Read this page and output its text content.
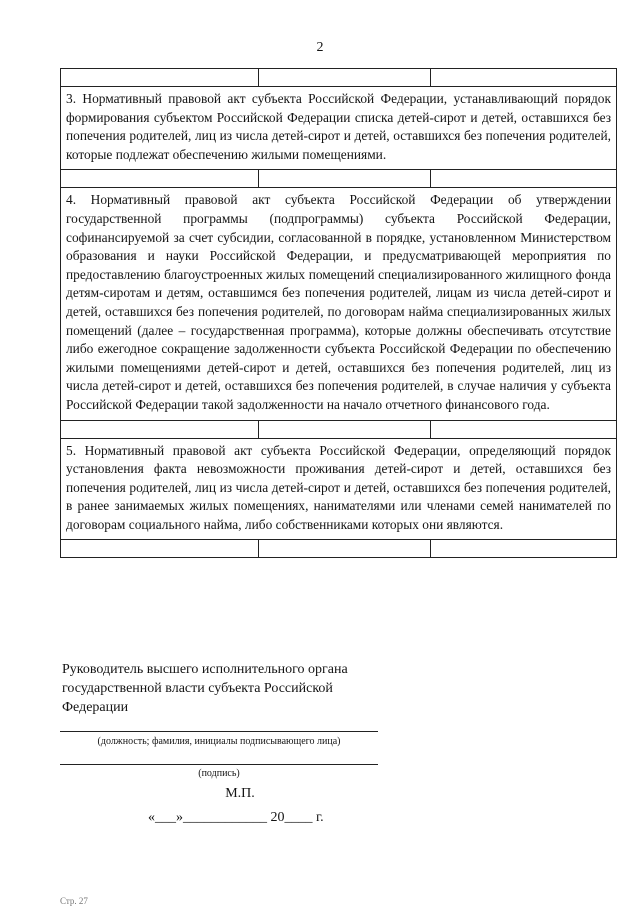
2

3. Нормативный правовой акт субъекта Российской Федерации, устанавливающий порядок формирования субъектом Российской Федерации списка детей-сирот и детей, оставшихся без попечения родителей, лиц из числа детей-сирот и детей, оставшихся без попечения родителей, которые подлежат обеспечению жилыми помещениями.		

4. Нормативный правовой акт субъекта Российской Федерации об утверждении государственной программы (подпрограммы) субъекта Российской Федерации, софинансируемой за счет субсидии, согласованной в порядке, установленном Министерством образования и науки Российской Федерации, и предусматривающей мероприятия по предоставлению благоустроенных жилых помещений специализированного жилищного фонда детям-сиротам и детям, оставшимся без попечения родителей, лицам из числа детей-сирот и детей, оставшихся без попечения родителей, по договорам найма специализированных жилых помещений (далее – государственная программа), которые должны обеспечивать отсутствие либо ежегодное сокращение задолженности субъекта Российской Федерации по обеспечению жилыми помещениями детей-сирот и детей, оставшихся без попечения родителей, лиц из числа детей-сирот и детей, оставшихся без попечения родителей, в случае наличия у субъекта Российской Федерации такой задолженности на начало отчетного финансового года.		

5. Нормативный правовой акт субъекта Российской Федерации, определяющий порядок установления факта невозможности проживания детей-сирот и детей, оставшихся без попечения родителей, лиц из числа детей-сирот и детей, оставшихся без попечения родителей, в ранее занимаемых жилых помещениях, нанимателями или членами семей нанимателей по договорам социального найма, либо собственниками которых они являются.		

Руководитель высшего исполнительного органа государственной власти субъекта Российской Федерации
(должность; фамилия, инициалы подписывающего лица)
(подпись)
М.П.
«___»____________ 20____ г.
Стр. 27
